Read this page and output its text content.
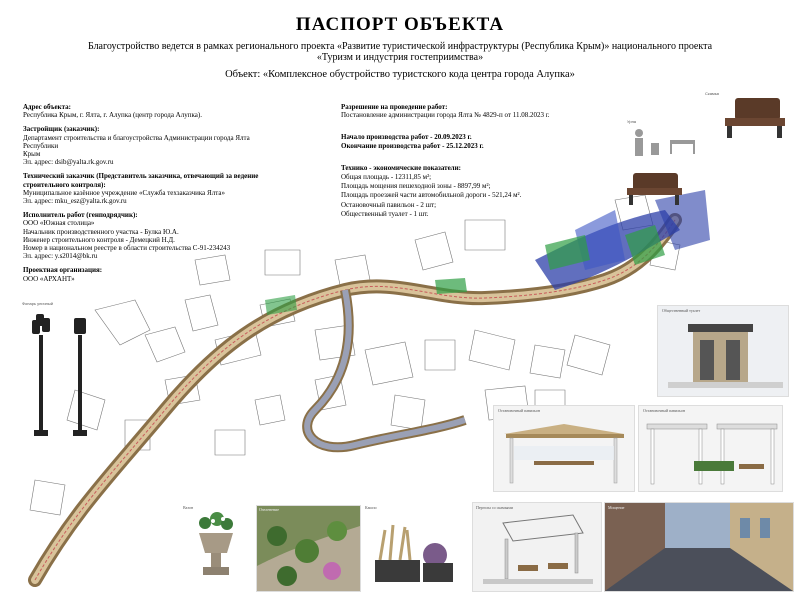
ПАСПОРТ ОБЪЕКТА
Благоустройство ведется в рамках регионального проекта «Развитие туристической инфраструктуры (Республика Крым)» национального проекта
«Туризм и индустрия гостеприимства»
Объект: «Комплексное обустройство туристского кода центра города Алупка»
Адрес объекта:
Республика Крым, г. Ялта, г. Алупка (центр города Алупка).
Застройщик (заказчик):
Департамент строительства и благоустройства Администрации города Ялта Республики
Крым
Эл. адрес: dsib@yalta.rk.gov.ru
Технический заказчик (Представитель заказчика, отвечающий за ведение строительного контроля):
Муниципальное казённое учреждение «Служба техзаказчика Ялта»
Эл. адрес: mku_esz@yalta.rk.gov.ru
Исполнитель работ (генподрядчик):
ООО «Южная столица»
Начальник производственного участка - Булка Ю.А.
Инженер строительного контроля - Демецкий Н.Д.
Номер в национальном реестре в области строительства С-91-234243
Эл. адрес: y.s2014@bk.ru
Проектная организация:
ООО «АРХАНТ»
Разрешение на проведение работ:
Постановление администрации города Ялта № 4829-п от 11.08.2023 г.
Начало производства работ - 20.09.2023 г.
Окончание производства работ - 25.12.2023 г.
Технико - экономические показатели:
Общая площадь - 12311,85 м²;
Площадь мощения пешеходной зоны - 8897,99 м²;
Площадь проезжей части автомобильной дороги - 521,24 м².
Остановочный павильон - 2 шт;
Общественный туалет - 1 шт.
Скамья
Урна
Фонарь уличный
Общественный туалет
Остановочный павильон	Остановочный павильон
Вазон	Озеленение	Кашпо	Перголы со скамьями	Мощение
